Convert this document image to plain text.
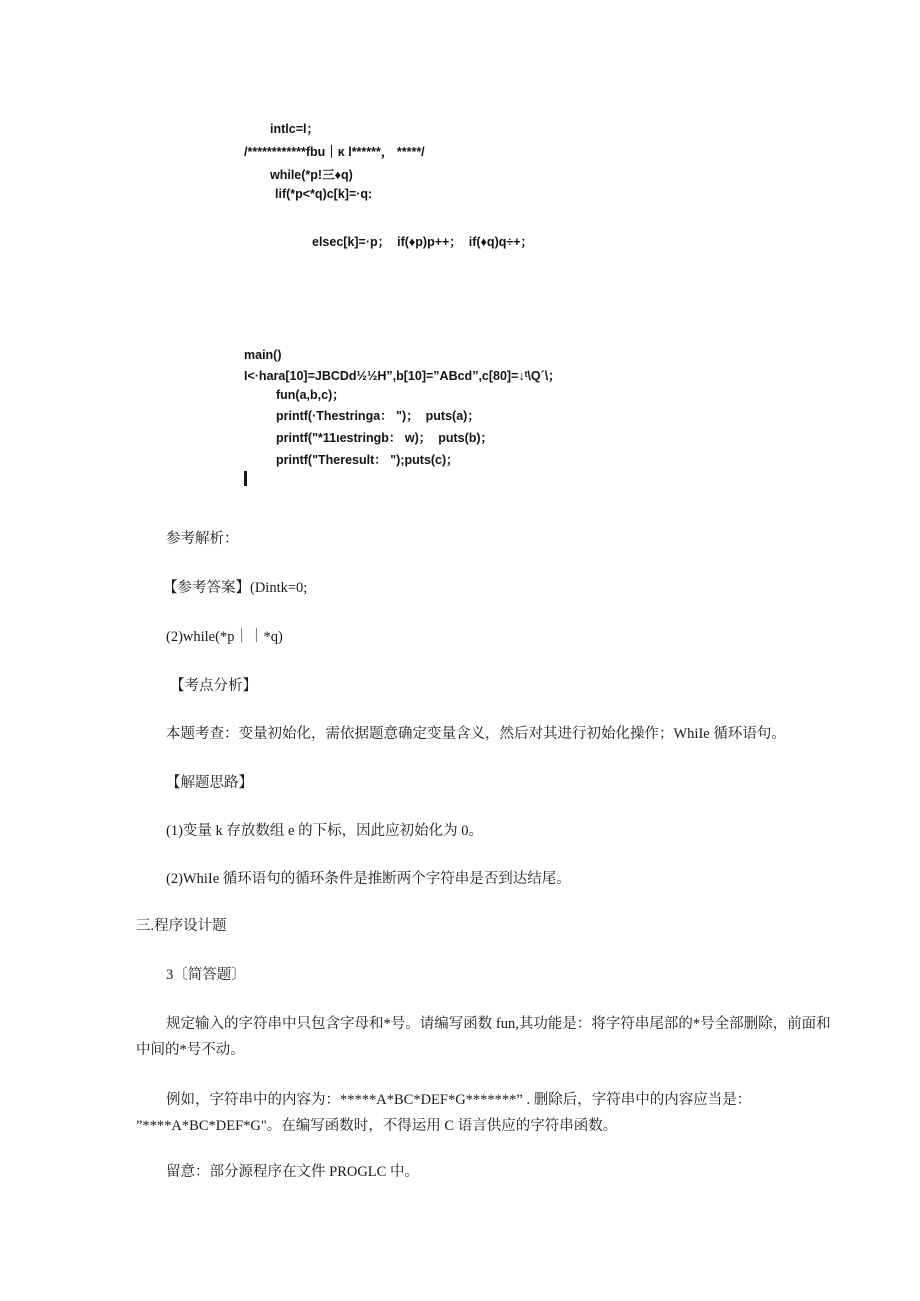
intlc=l；
/************fbu｜κ l******， *****/
while(*p!三♦q)
lif(*p<*q)c[k]=·q:
elsec[k]=·p；  if(♦p)p++；  if(♦q)q÷+；
main()
I<·hara[10]=JBCDd½½H”,b[10]=”ABcd”,c[80]=↓ᵗ\Q´\；
fun(a,b,c)；
printf(·Thestringa： ")；  puts(a)；
printf("*11ıestringb： w)；  puts(b)；
printf("Theresult： ");puts(c)；
参考解析：
【参考答案】(Dintk=0;
(2)while(*p｜｜*q)
【考点分析】
本题考查：变量初始化，需依据题意确定变量含义，然后对其进行初始化操作；WhiIe 循环语句。
【解题思路】
(1)变量 k 存放数组 e 的下标，因此应初始化为 0。
(2)WhiIe 循环语句的循环条件是推断两个字符串是否到达结尾。
三.程序设计题
3〔简答题〕
规定输入的字符串中只包含字母和*号。请编写函数 fun,其功能是：将字符串尾部的*号全部删除，前面和
中间的*号不动。
例如，字符串中的内容为：*****A*BC*DEF*G*******” . 删除后，字符串中的内容应当是：
”****A*BC*DEF*G"。在编写函数时，不得运用 C 语言供应的字符串函数。
留意：部分源程序在文件 PROGLC 中。
